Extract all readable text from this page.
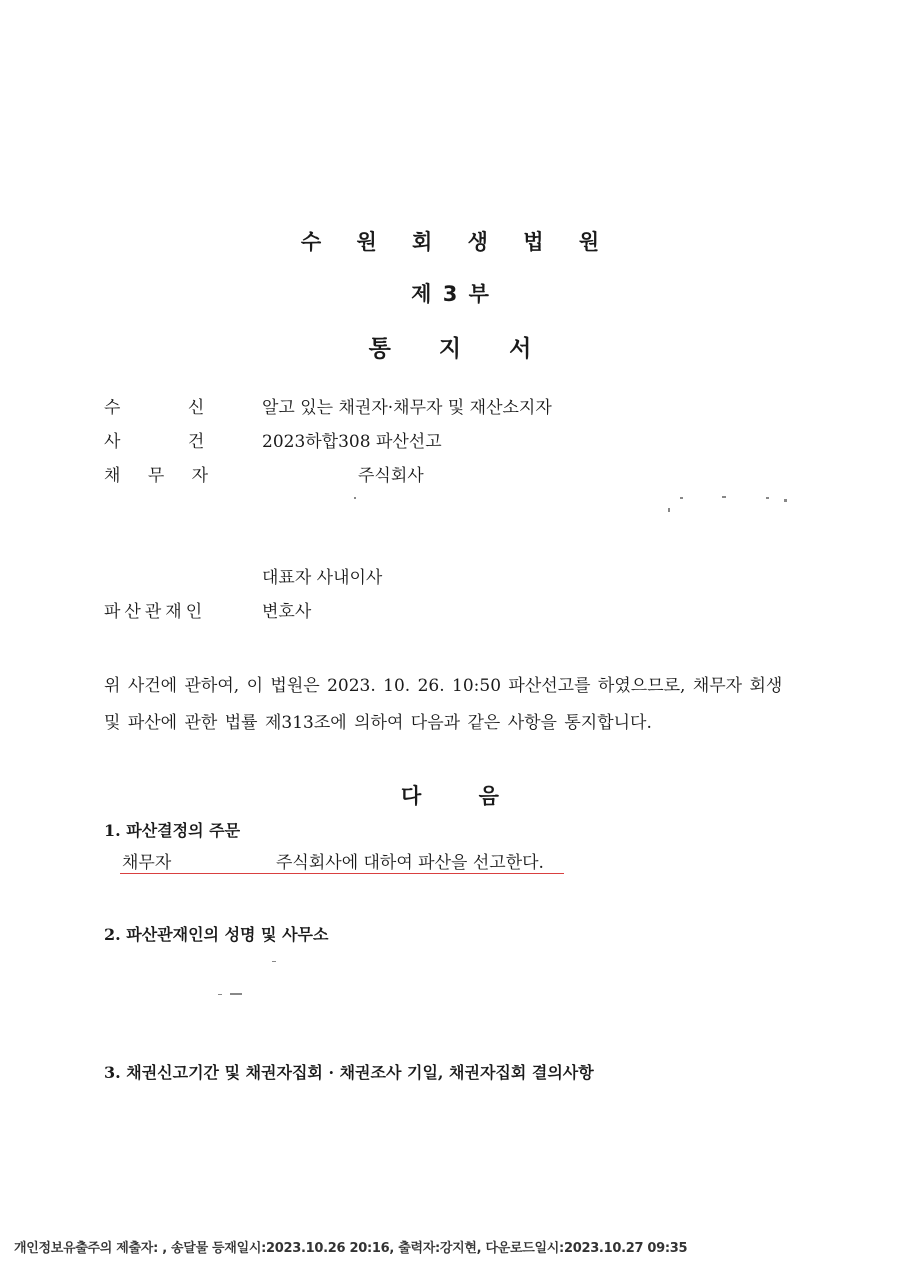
수 원 회 생 법 원
제 3 부
통 지 서
수 신	알고 있는 채권자·채무자 및 재산소지자
사 건	2023하합308 파산선고
채 무 자	주식회사
대표자 사내이사
파산관재인	변호사
위 사건에 관하여, 이 법원은 2023. 10. 26. 10:50 파산선고를 하였으므로, 채무자 회생 및 파산에 관한 법률 제313조에 의하여 다음과 같은 사항을 통지합니다.
다 음
1. 파산결정의 주문
채무자	주식회사에 대하여 파산을 선고한다.
2. 파산관재인의 성명 및 사무소
3. 채권신고기간 및 채권자집회 · 채권조사 기일, 채권자집회 결의사항
개인정보유출주의 제출자: , 송달물 등재일시:2023.10.26 20:16, 출력자:강지현, 다운로드일시:2023.10.27 09:35
